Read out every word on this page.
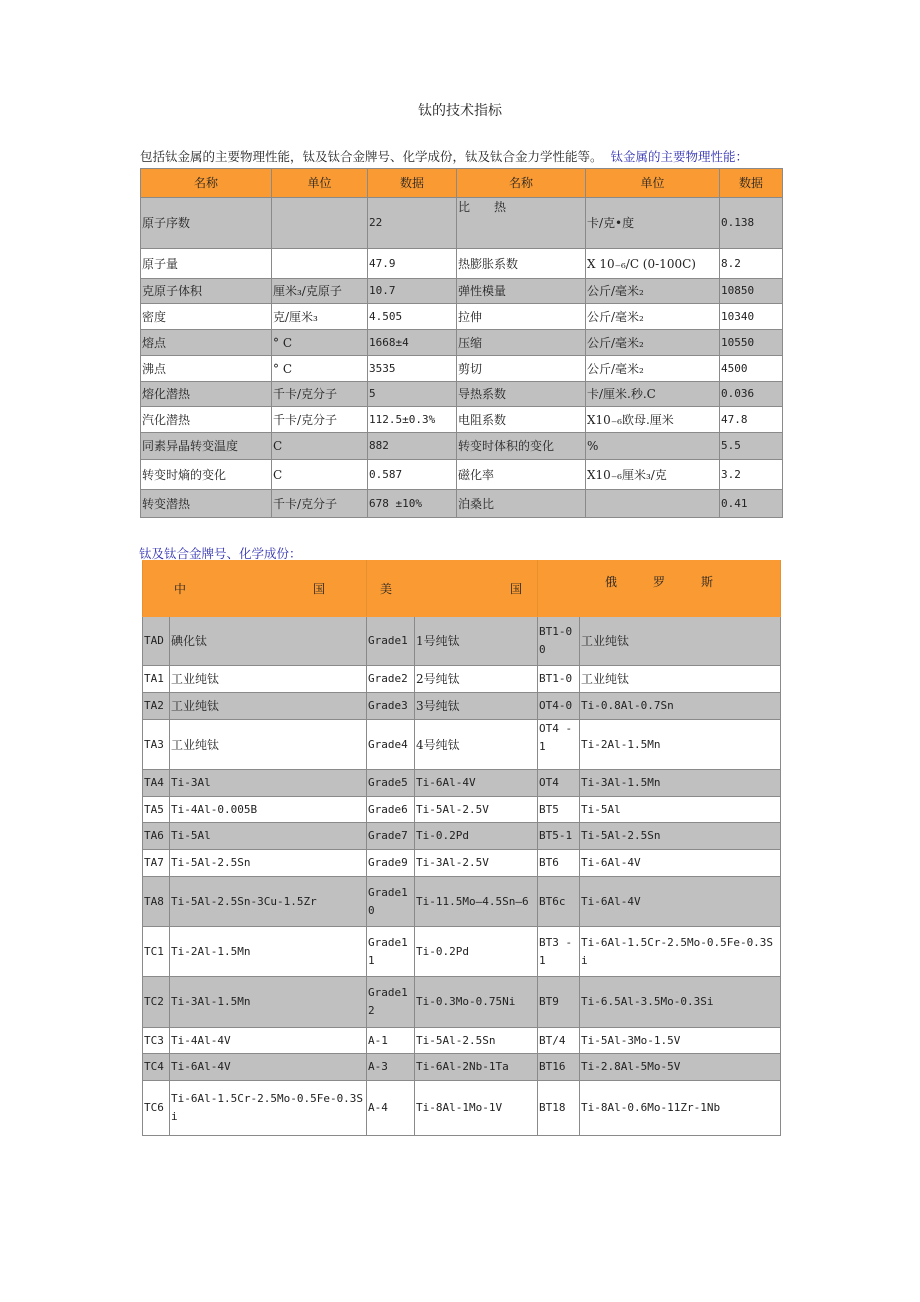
钛的技术指标
包括钛金属的主要物理性能，钛及钛合金牌号、化学成份，钛及钛合金力学性能等。 钛金属的主要物理性能：
名称	单位	数据	名称	单位	数据
原子序数		22	比　　热	卡/克•度	0.138
原子量		47.9	热膨胀系数	X 10₋₆/C (0-100C)	8.2
克原子体积	厘米₃/克原子	10.7	弹性模量	公斤/毫米₂	10850
密度	克/厘米₃	4.505	拉伸	公斤/毫米₂	10340
熔点	° C	1668±4	压缩	公斤/毫米₂	10550
沸点	° C	3535	剪切	公斤/毫米₂	4500
熔化潜热	千卡/克分子	5	导热系数	卡/厘米.秒.C	0.036
汽化潜热	千卡/克分子	112.5±0.3%	电阻系数	X10₋₆欧母.厘米	47.8
同素异晶转变温度	C	882	转变时体积的变化	%	5.5
转变时熵的变化	C	0.587	磁化率	X10₋₆厘米₃/克	3.2
转变潜热	千卡/克分子	678 ±10%	泊桑比		0.41
钛及钛合金牌号、化学成份：
中 国		美 国		俄　　　罗　　　斯	
TAD	碘化钛	Grade1	1号纯钛	BT1-00	工业纯钛
TA1	工业纯钛	Grade2	2号纯钛	BT1-0	工业纯钛
TA2	工业纯钛	Grade3	3号纯钛	OT4-0	Ti-0.8Al-0.7Sn
TA3	工业纯钛	Grade4	4号纯钛	OT4 -1	Ti-2Al-1.5Mn
TA4	Ti-3Al	Grade5	Ti-6Al-4V	OT4	Ti-3Al-1.5Mn
TA5	Ti-4Al-0.005B	Grade6	Ti-5Al-2.5V	BT5	Ti-5Al
TA6	Ti-5Al	Grade7	Ti-0.2Pd	BT5-1	Ti-5Al-2.5Sn
TA7	Ti-5Al-2.5Sn	Grade9	Ti-3Al-2.5V	BT6	Ti-6Al-4V
TA8	Ti-5Al-2.5Sn-3Cu-1.5Zr	Grade10	Ti-11.5Mo—4.5Sn—6	BT6c	Ti-6Al-4V
TC1	Ti-2Al-1.5Mn	Grade11	Ti-0.2Pd	BT3 -1	Ti-6Al-1.5Cr-2.5Mo-0.5Fe-0.3Si
TC2	Ti-3Al-1.5Mn	Grade12	Ti-0.3Mo-0.75Ni	BT9	Ti-6.5Al-3.5Mo-0.3Si
TC3	Ti-4Al-4V	A-1	Ti-5Al-2.5Sn	BT/4	Ti-5Al-3Mo-1.5V
TC4	Ti-6Al-4V	A-3	Ti-6Al-2Nb-1Ta	BT16	Ti-2.8Al-5Mo-5V
TC6	Ti-6Al-1.5Cr-2.5Mo-0.5Fe-0.3Si	A-4	Ti-8Al-1Mo-1V	BT18	Ti-8Al-0.6Mo-11Zr-1Nb
